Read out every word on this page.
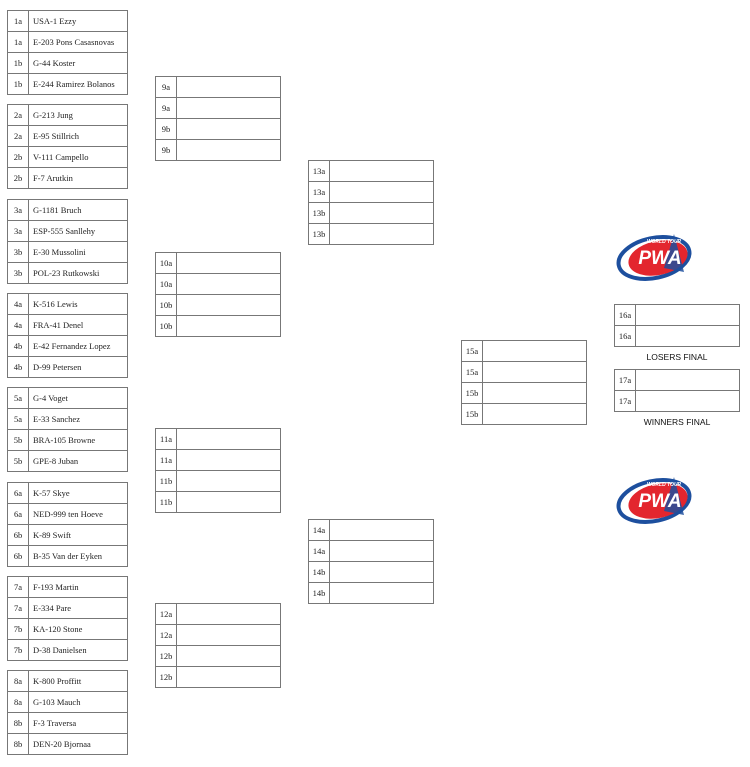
1a	USA-1 Ezzy
1a	E-203 Pons Casasnovas
1b	G-44 Koster
1b	E-244 Ramirez Bolanos
2a	G-213 Jung
2a	E-95 Stillrich
2b	V-111 Campello
2b	F-7 Arutkin
3a	G-1181 Bruch
3a	ESP-555 Sanllehy
3b	E-30 Mussolini
3b	POL-23 Rutkowski
4a	K-516 Lewis
4a	FRA-41 Denel
4b	E-42 Fernandez Lopez
4b	D-99 Petersen
5a	G-4 Voget
5a	E-33 Sanchez
5b	BRA-105 Browne
5b	GPE-8 Juban
6a	K-57 Skye
6a	NED-999 ten Hoeve
6b	K-89 Swift
6b	B-35 Van der Eyken
7a	F-193 Martin
7a	E-334 Pare
7b	KA-120 Stone
7b	D-38 Danielsen
8a	K-800 Proffitt
8a	G-103 Mauch
8b	F-3 Traversa
8b	DEN-20 Bjornaa
9a	
9a	
9b	
9b	
10a	
10a	
10b	
10b	
11a	
11a	
11b	
11b	
12a	
12a	
12b	
12b	
13a	
13a	
13b	
13b	
14a	
14a	
14b	
14b	
15a	
15a	
15b	
15b	
16a	
16a	
LOSERS FINAL
17a	
17a	
WINNERS FINAL
PWA
WORLD TOUR
PWA
WORLD TOUR
